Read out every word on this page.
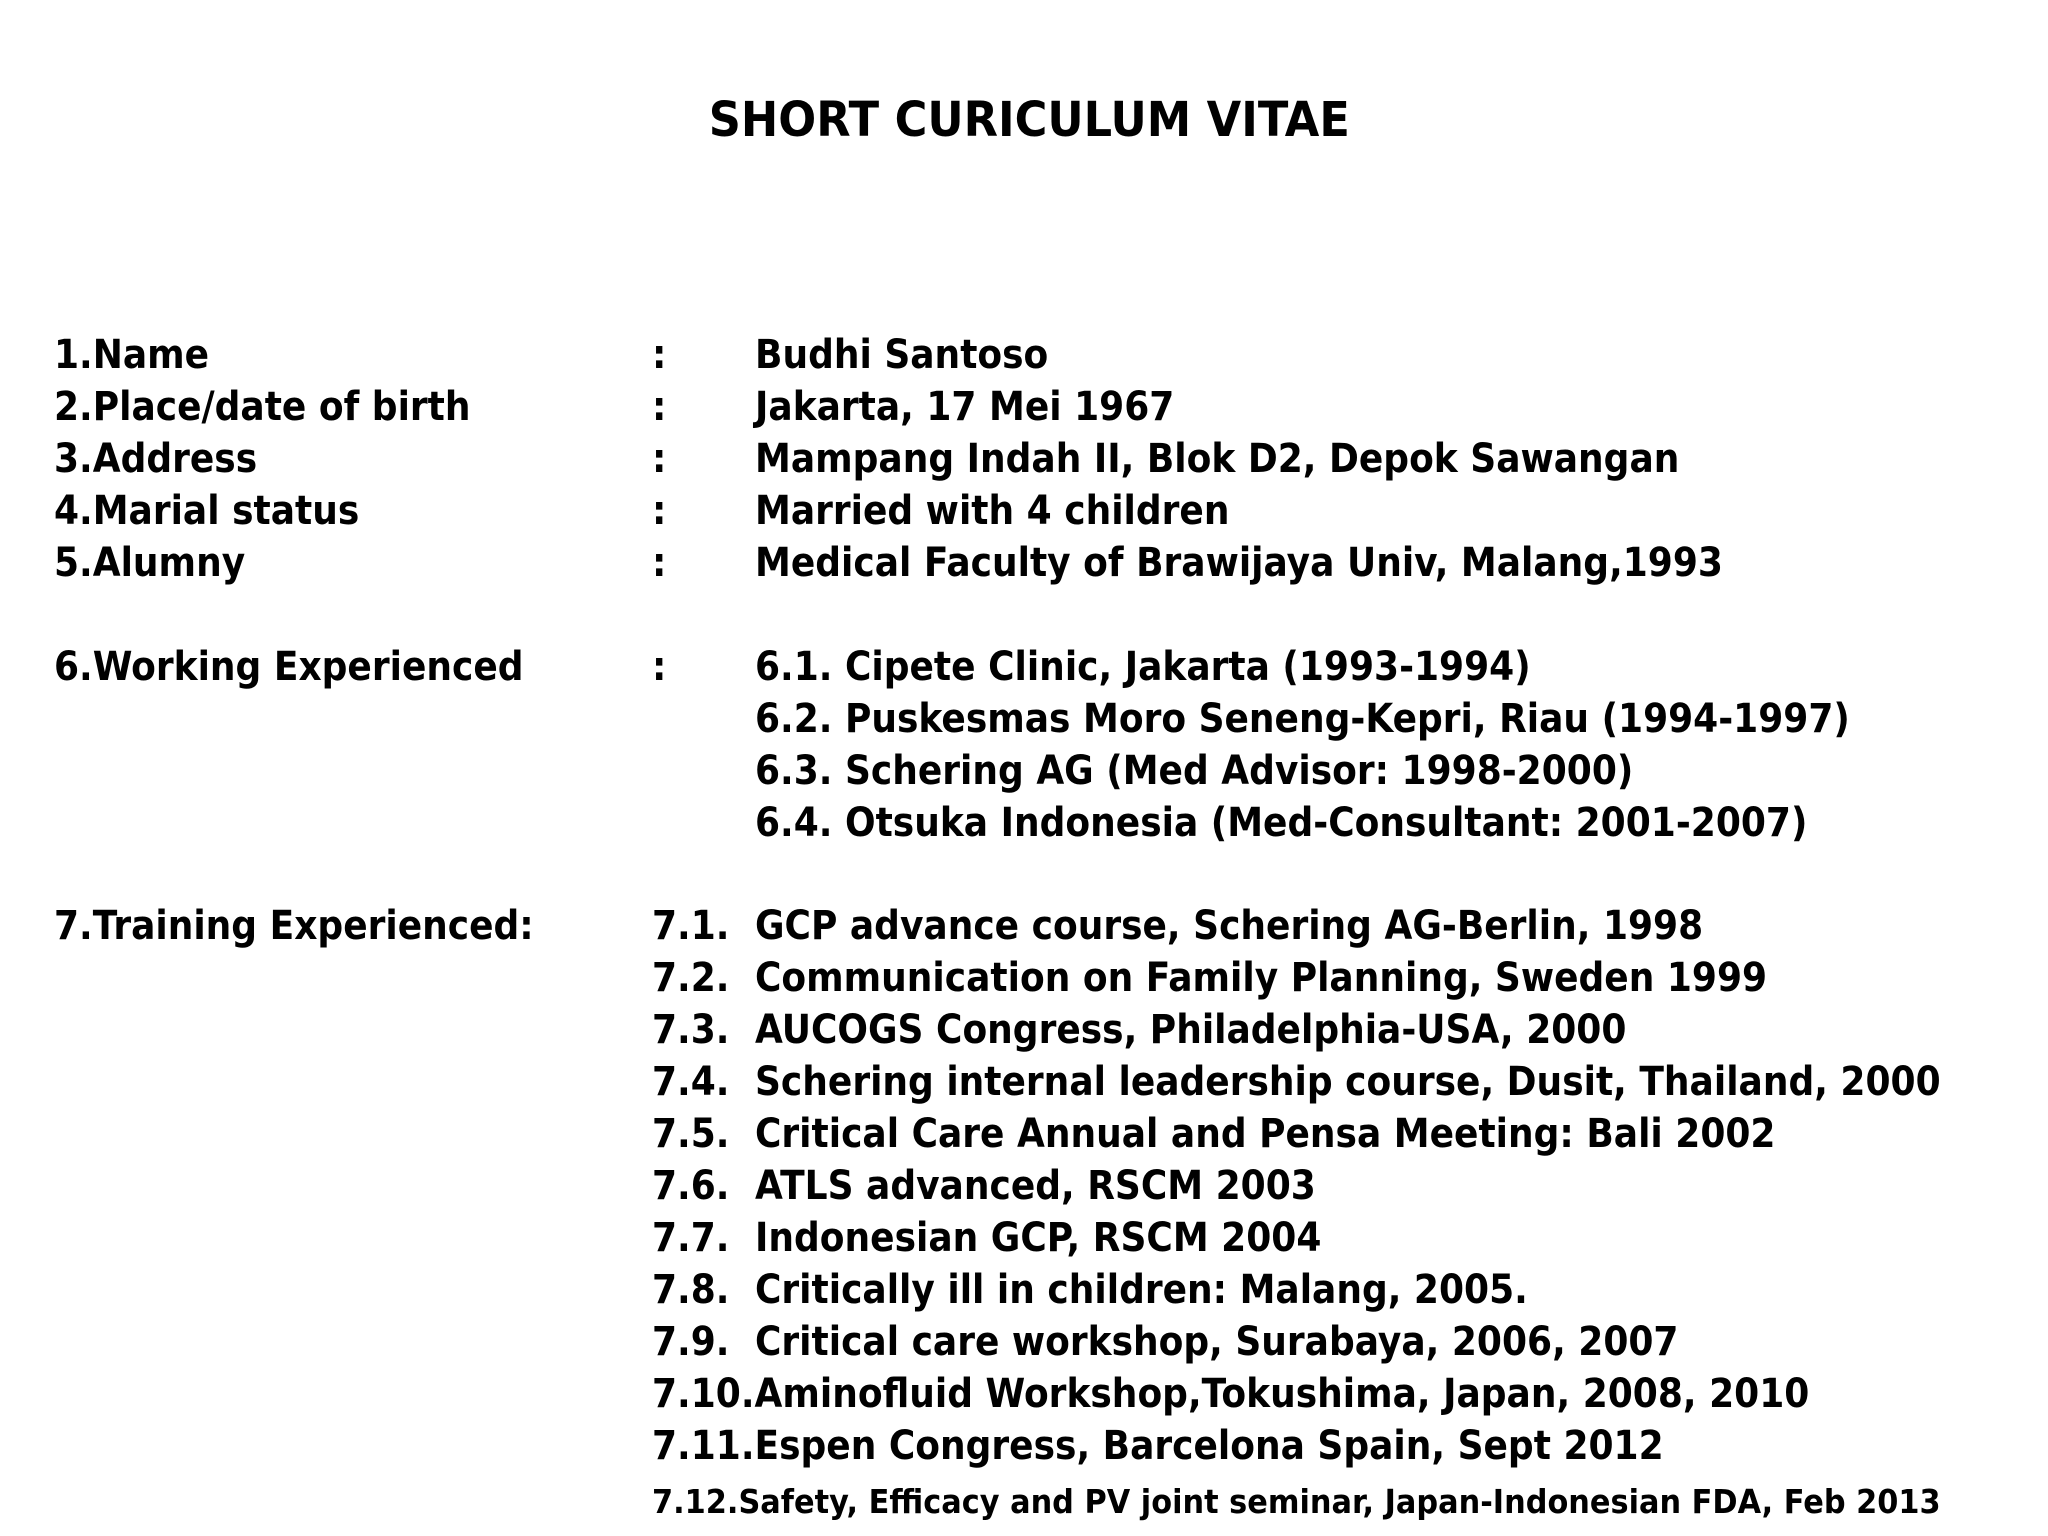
SHORT CURICULUM VITAE
1.Name	: Budhi Santoso
2.Place/date of birth	: Jakarta, 17 Mei 1967
3.Address	: Mampang Indah II, Blok D2, Depok Sawangan
4.Marial status	: Married with 4 children
5.Alumny	: Medical Faculty of Brawijaya Univ, Malang,1993
6.Working Experienced	: 6.1. Cipete Clinic, Jakarta (1993-1994)
6.2. Puskesmas Moro Seneng-Kepri, Riau (1994-1997)
6.3. Schering AG (Med Advisor: 1998-2000)
6.4. Otsuka Indonesia (Med-Consultant: 2001-2007)
7.Training Experienced:	7.1. GCP advance course, Schering AG-Berlin, 1998
7.2. Communication on Family Planning, Sweden 1999
7.3. AUCOGS Congress, Philadelphia-USA, 2000
7.4. Schering internal leadership course, Dusit, Thailand, 2000
7.5. Critical Care Annual and Pensa Meeting: Bali 2002
7.6. ATLS advanced, RSCM 2003
7.7. Indonesian GCP, RSCM 2004
7.8. Critically ill in children: Malang, 2005.
7.9. Critical care workshop, Surabaya, 2006, 2007
7.10.Aminofluid Workshop,Tokushima, Japan, 2008, 2010
7.11.Espen Congress, Barcelona Spain, Sept 2012
7.12.Safety, Efficacy and PV joint seminar, Japan-Indonesian FDA, Feb 2013
